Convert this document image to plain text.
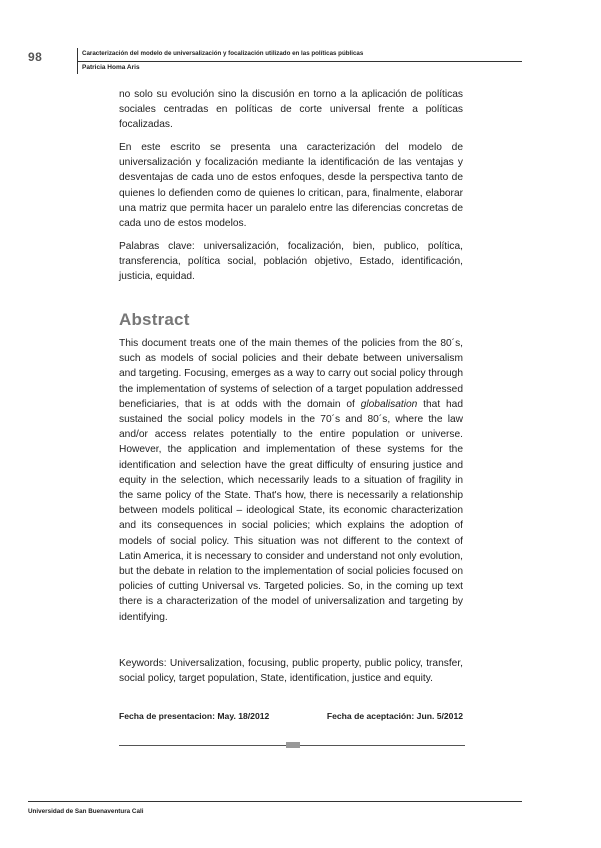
98	Caracterización del modelo de universalización y focalización utilizado en las políticas públicas
Patricia Homa Aris

no solo su evolución sino la discusión en torno a la aplicación de políticas sociales centradas en políticas de corte universal frente a políticas focalizadas.

En este escrito se presenta una caracterización del modelo de universalización y focalización mediante la identificación de las ventajas y desventajas de cada uno de estos enfoques, desde la perspectiva tanto de quienes lo defienden como de quienes lo critican, para, finalmente, elaborar una matriz que permita hacer un paralelo entre las diferencias concretas de cada uno de estos modelos.

Palabras clave: universalización, focalización, bien, publico, política, transferencia, política social, población objetivo, Estado, identificación, justicia, equidad.

Abstract

This document treats one of the main themes of the policies from the 80´s, such as models of social policies and their debate between universalism and targeting. Focusing, emerges as a way to carry out social policy through the implementation of systems of selection of a target population addressed beneficiaries, that is at odds with the domain of globalisation that had sustained the social policy models in the 70´s and 80´s, where the law and/or access relates potentially to the entire population or universe. However, the application and implementation of these systems for the identification and selection have the great difficulty of ensuring justice and equity in the selection, which necessarily leads to a situation of fragility in the same policy of the State. That's how, there is necessarily a relationship between models political – ideological State, its economic characterization and its consequences in social policies; which explains the adoption of models of social policy. This situation was not different to the context of Latin America, it is necessary to consider and understand not only evolution, but the debate in relation to the implementation of social policies focused on policies of cutting Universal vs. Targeted policies. So, in the coming up text there is a characterization of the model of universalization and targeting by identifying.

Keywords: Universalization, focusing, public property, public policy, transfer, social policy, target population, State, identification, justice and equity.

Fecha de presentacion: May. 18/2012	Fecha de aceptación: Jun. 5/2012
Universidad de San Buenaventura Cali
